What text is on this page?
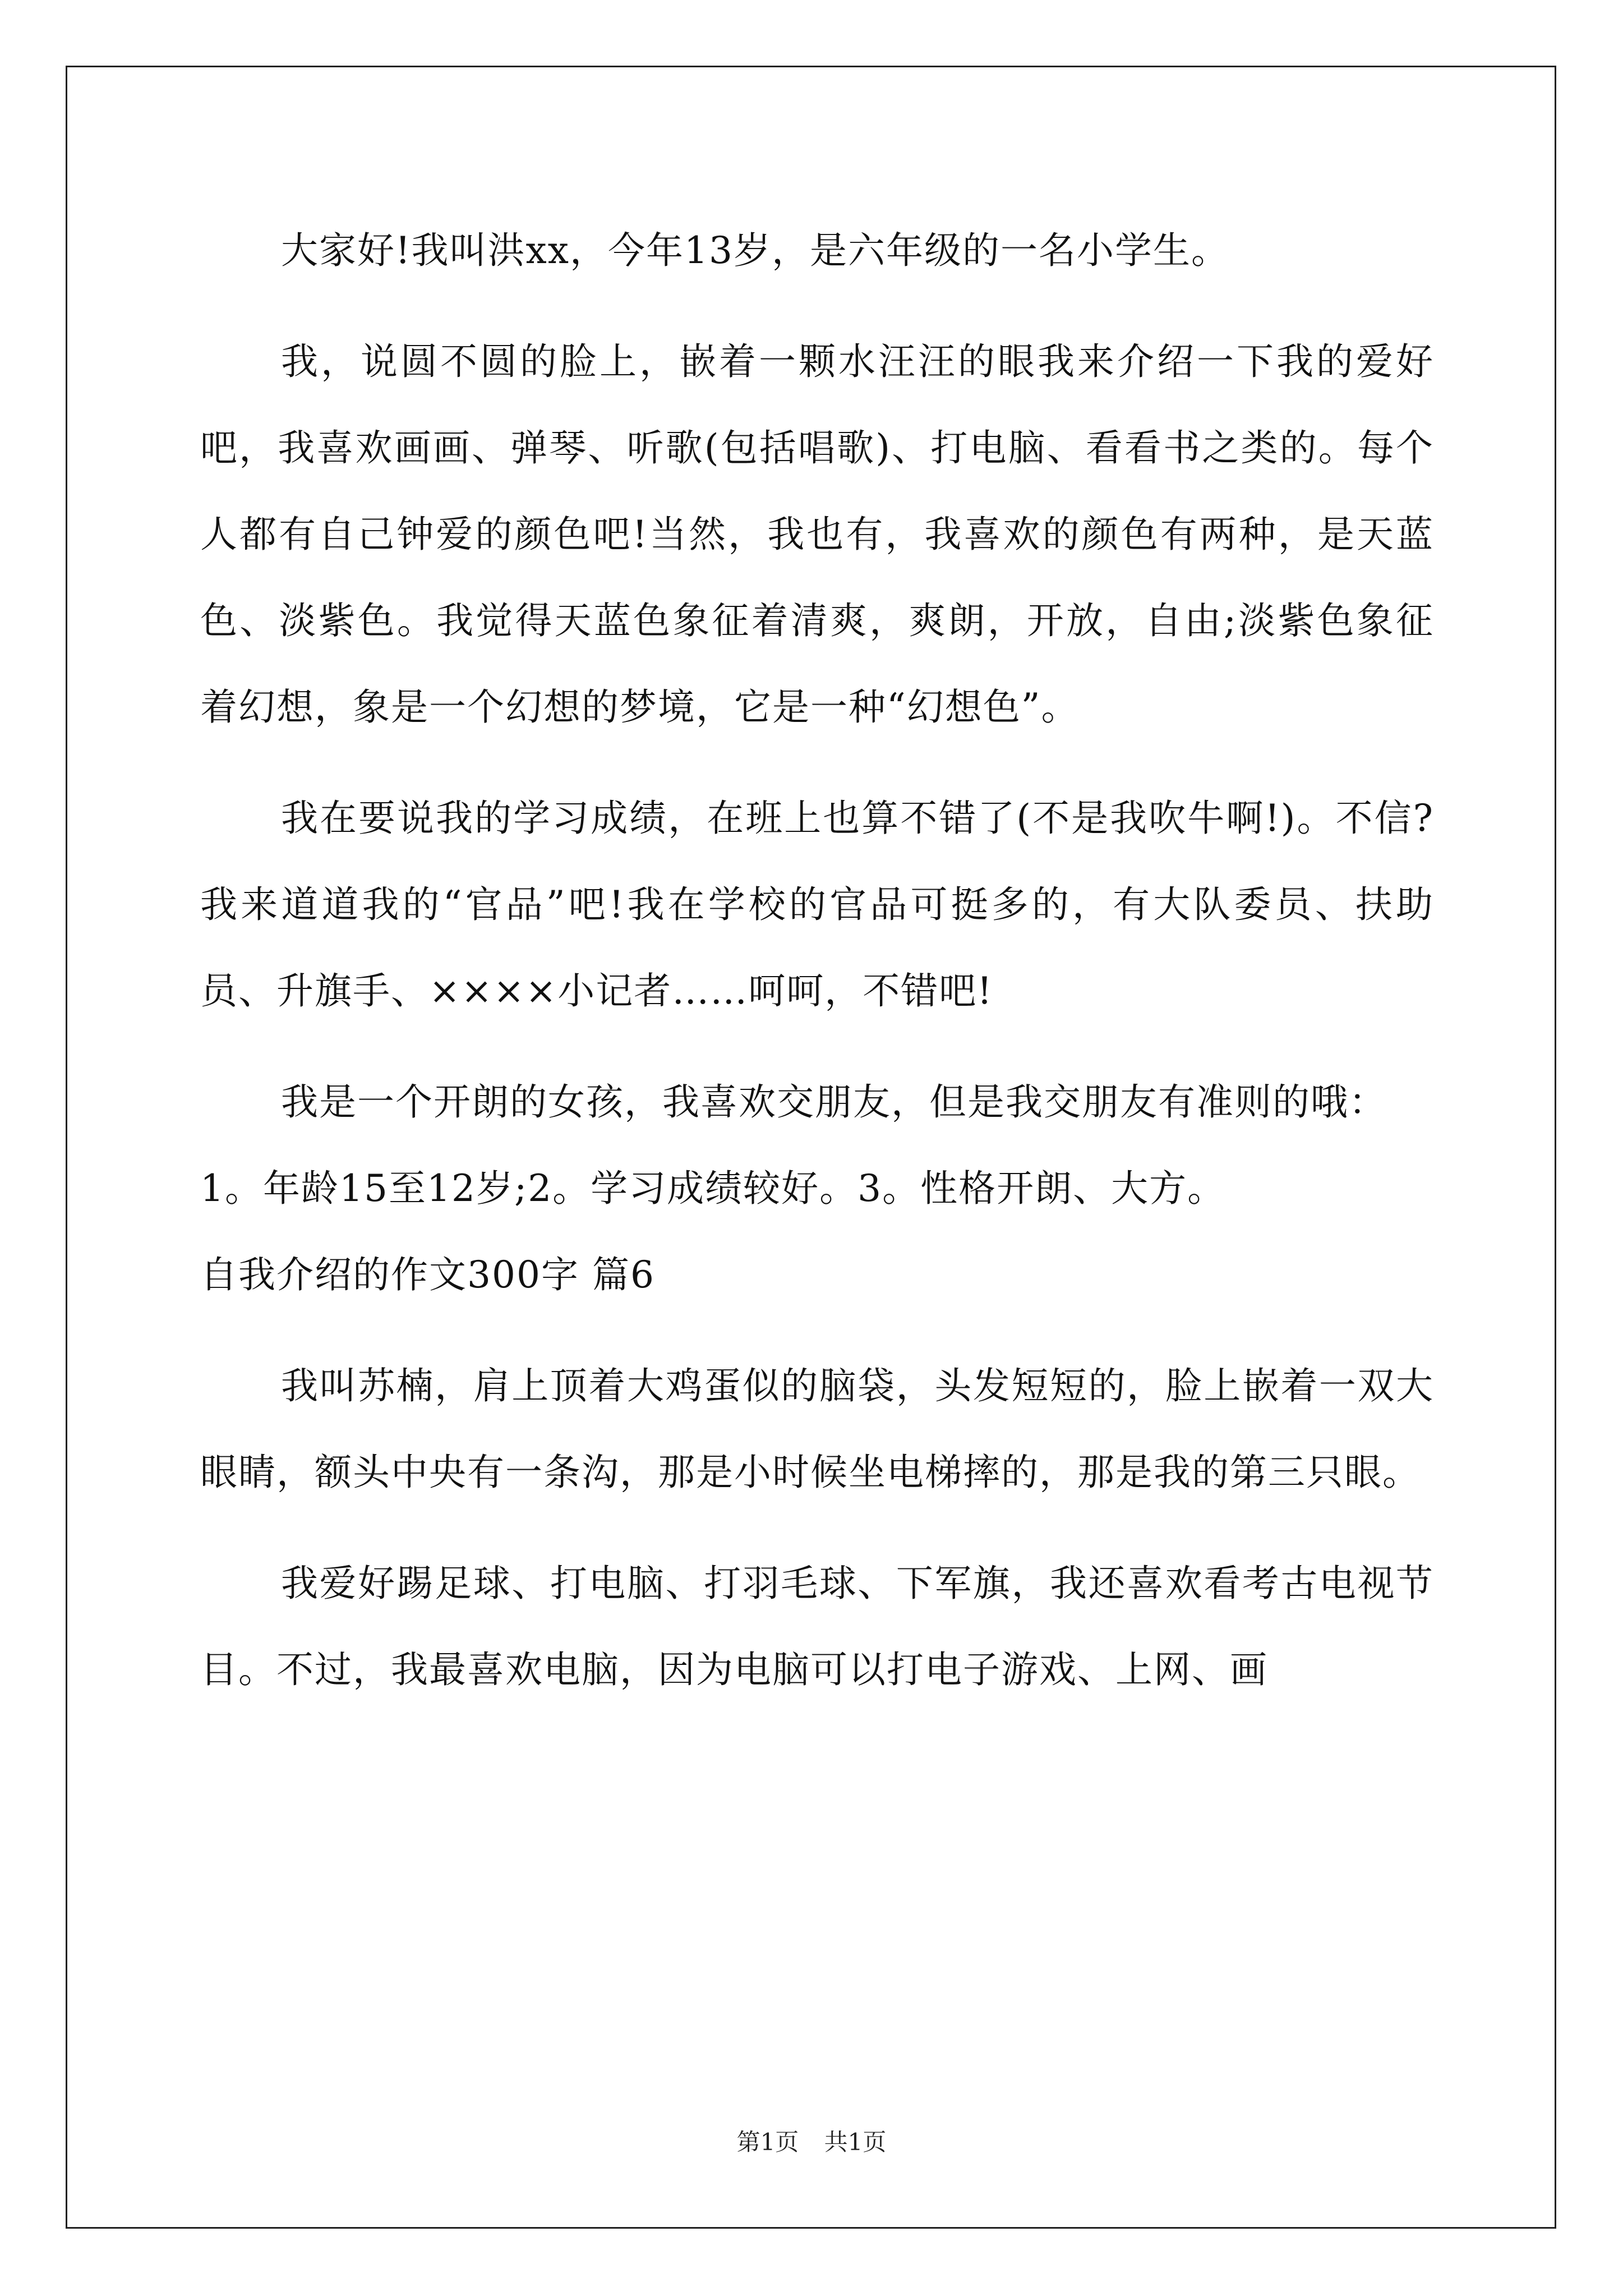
大家好!我叫洪xx，今年13岁，是六年级的一名小学生。

我，说圆不圆的脸上，嵌着一颗水汪汪的眼我来介绍一下我的爱好吧，我喜欢画画、弹琴、听歌(包括唱歌)、打电脑、看看书之类的。每个人都有自己钟爱的颜色吧!当然，我也有，我喜欢的颜色有两种，是天蓝色、淡紫色。我觉得天蓝色象征着清爽，爽朗，开放，自由;淡紫色象征着幻想，象是一个幻想的梦境，它是一种“幻想色”。

我在要说我的学习成绩，在班上也算不错了(不是我吹牛啊!)。不信?我来道道我的“官品”吧!我在学校的官品可挺多的，有大队委员、扶助员、升旗手、××××小记者……呵呵，不错吧!

我是一个开朗的女孩，我喜欢交朋友，但是我交朋友有准则的哦：

1。年龄15至12岁;2。学习成绩较好。3。性格开朗、大方。

自我介绍的作文300字 篇6

我叫苏楠，肩上顶着大鸡蛋似的脑袋，头发短短的，脸上嵌着一双大眼睛，额头中央有一条沟，那是小时候坐电梯摔的，那是我的第三只眼。

我爱好踢足球、打电脑、打羽毛球、下军旗，我还喜欢看考古电视节目。不过，我最喜欢电脑，因为电脑可以打电子游戏、上网、画

第1页 共1页
